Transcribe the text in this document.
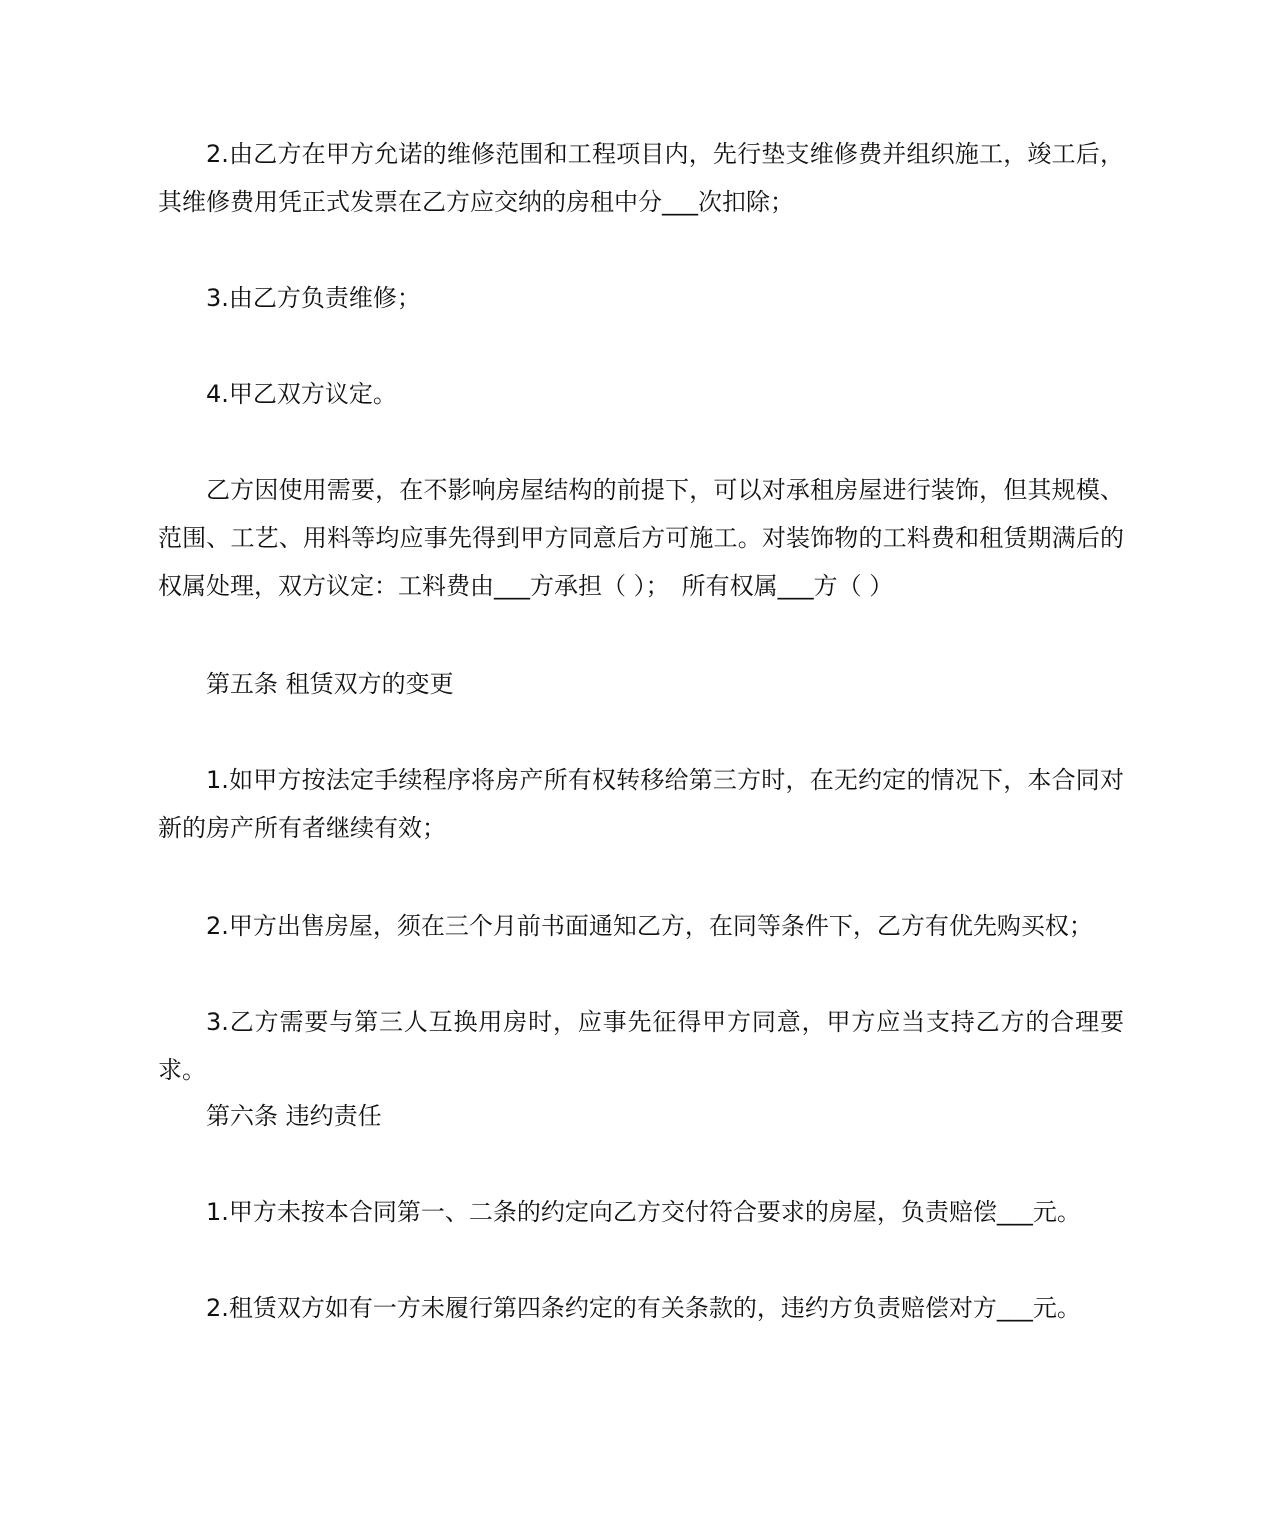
2.由乙方在甲方允诺的维修范围和工程项目内，先行垫支维修费并组织施工，竣工后，其维修费用凭正式发票在乙方应交纳的房租中分___次扣除；

3.由乙方负责维修；

4.甲乙双方议定。

乙方因使用需要，在不影响房屋结构的前提下，可以对承租房屋进行装饰，但其规模、范围、工艺、用料等均应事先得到甲方同意后方可施工。对装饰物的工料费和租赁期满后的权属处理，双方议定：工料费由___方承担（ ）；　所有权属___方（ ）

第五条 租赁双方的变更

1.如甲方按法定手续程序将房产所有权转移给第三方时，在无约定的情况下，本合同对新的房产所有者继续有效；

2.甲方出售房屋，须在三个月前书面通知乙方，在同等条件下，乙方有优先购买权；

3.乙方需要与第三人互换用房时，应事先征得甲方同意，甲方应当支持乙方的合理要求。

第六条 违约责任

1.甲方未按本合同第一、二条的约定向乙方交付符合要求的房屋，负责赔偿___元。

2.租赁双方如有一方未履行第四条约定的有关条款的，违约方负责赔偿对方___元。
